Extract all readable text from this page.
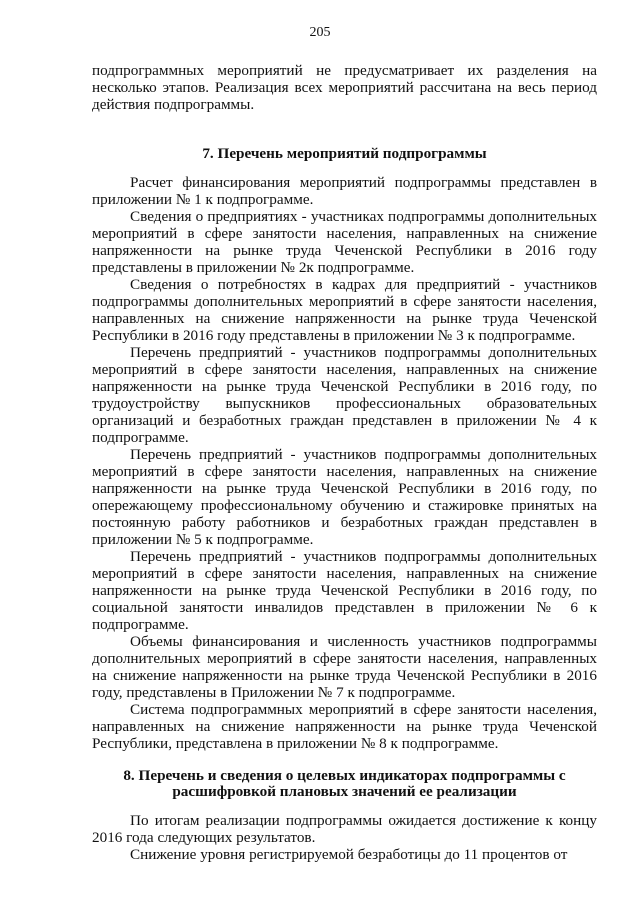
205

подпрограммных мероприятий не предусматривает их разделения на несколько этапов. Реализация всех мероприятий рассчитана на весь период действия подпрограммы.

7. Перечень мероприятий подпрограммы

Расчет финансирования мероприятий подпрограммы представлен в приложении № 1 к подпрограмме.

Сведения о предприятиях - участниках подпрограммы дополнительных мероприятий в сфере занятости населения, направленных на снижение напряженности на рынке труда Чеченской Республики в 2016 году представлены в приложении № 2к подпрограмме.

Сведения о потребностях в кадрах для предприятий - участников подпрограммы дополнительных мероприятий в сфере занятости населения, направленных на снижение напряженности на рынке труда Чеченской Республики в 2016 году представлены в приложении № 3 к подпрограмме.

Перечень предприятий - участников подпрограммы дополнительных мероприятий в сфере занятости населения, направленных на снижение напряженности на рынке труда Чеченской Республики в 2016 году, по трудоустройству выпускников профессиональных образовательных организаций и безработных граждан представлен в приложении № 4 к подпрограмме.

Перечень предприятий - участников подпрограммы дополнительных мероприятий в сфере занятости населения, направленных на снижение напряженности на рынке труда Чеченской Республики в 2016 году, по опережающему профессиональному обучению и стажировке принятых на постоянную работу работников и безработных граждан представлен в приложении № 5 к подпрограмме.

Перечень предприятий - участников подпрограммы дополнительных мероприятий в сфере занятости населения, направленных на снижение напряженности на рынке труда Чеченской Республики в 2016 году, по социальной занятости инвалидов представлен в приложении № 6 к подпрограмме.

Объемы финансирования и численность участников подпрограммы дополнительных мероприятий в сфере занятости населения, направленных на снижение напряженности на рынке труда Чеченской Республики в 2016 году, представлены в Приложении № 7 к подпрограмме.

Система подпрограммных мероприятий в сфере занятости населения, направленных на снижение напряженности на рынке труда Чеченской Республики, представлена в приложении № 8 к подпрограмме.

8. Перечень и сведения о целевых индикаторах подпрограммы с
расшифровкой плановых значений ее реализации

По итогам реализации подпрограммы ожидается достижение к концу 2016 года следующих результатов.

Снижение уровня регистрируемой безработицы до 11 процентов от
